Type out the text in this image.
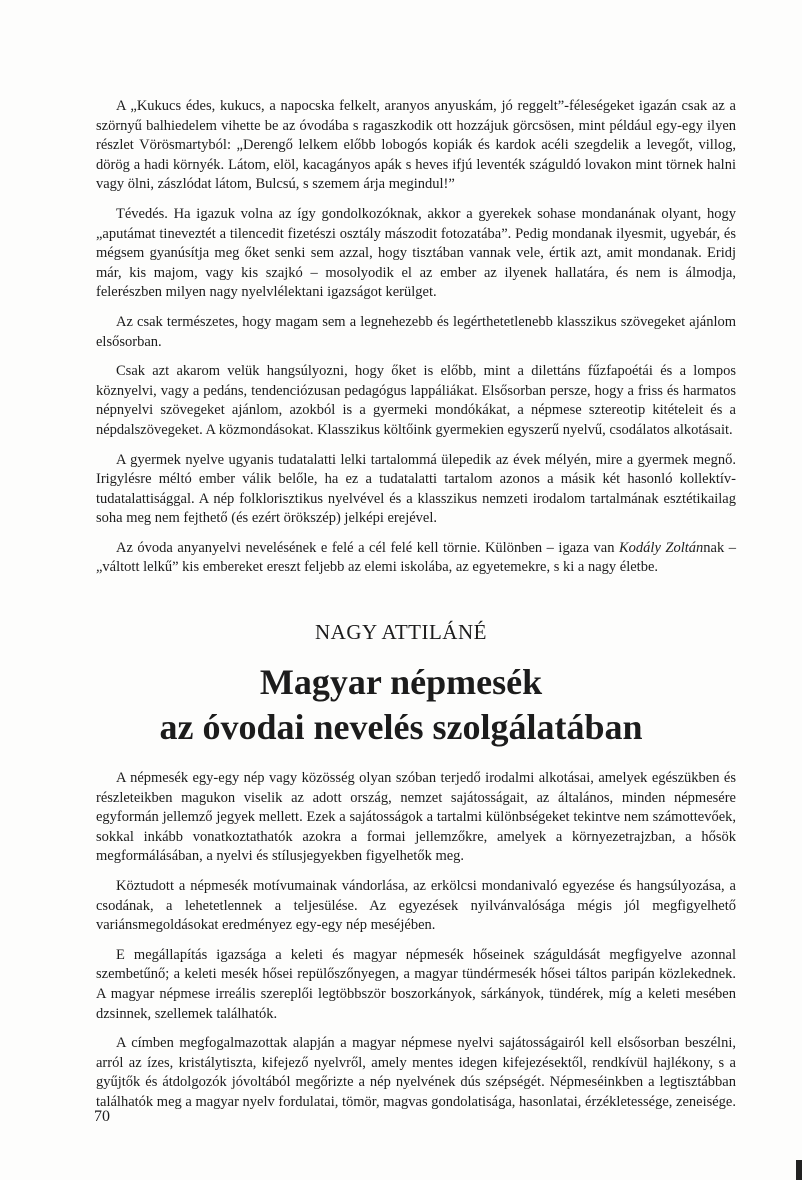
A „Kukucs édes, kukucs, a napocska felkelt, aranyos anyuskám, jó reggelt”-féleségeket igazán csak az a szörnyű balhiedelem vihette be az óvodába s ragaszkodik ott hozzájuk görcsösen, mint például egy-egy ilyen részlet Vörösmartyból: „Derengő lelkem előbb lobogós kopiák és kardok acéli szegdelik a levegőt, villog, dörög a hadi környék. Látom, elöl, kacagányos apák s heves ifjú leventék száguldó lovakon mint törnek halni vagy ölni, zászlódat látom, Bulcsú, s szemem árja megindul!”

Tévedés. Ha igazuk volna az így gondolkozóknak, akkor a gyerekek sohase mondanának olyant, hogy „aputámat tineveztét a tilencedit fizetészi osztály mászodit fotozatába”. Pedig mondanak ilyesmit, ugyebár, és mégsem gyanúsítja meg őket senki sem azzal, hogy tisztában vannak vele, értik azt, amit mondanak. Eridj már, kis majom, vagy kis szajkó – mosolyodik el az ember az ilyenek hallatára, és nem is álmodja, felerészben milyen nagy nyelvlélektani igazságot kerülget.

Az csak természetes, hogy magam sem a legnehezebb és legérthetetlenebb klasszikus szövegeket ajánlom elsősorban.

Csak azt akarom velük hangsúlyozni, hogy őket is előbb, mint a dilettáns fűzfapoétái és a lompos köznyelvi, vagy a pedáns, tendenciózusan pedagógus lappáliákat. Elsősorban persze, hogy a friss és harmatos népnyelvi szövegeket ajánlom, azokból is a gyermeki mondókákat, a népmese sztereotip kitételeit és a népdalszövegeket. A közmondásokat. Klasszikus költőink gyermekien egyszerű nyelvű, csodálatos alkotásait.

A gyermek nyelve ugyanis tudatalatti lelki tartalommá ülepedik az évek mélyén, mire a gyermek megnő. Irigylésre méltó ember válik belőle, ha ez a tudatalatti tartalom azonos a másik két hasonló kollektív-tudatalattisággal. A nép folklorisztikus nyelvével és a klasszikus nemzeti irodalom tartalmának esztétikailag soha meg nem fejthető (és ezért örökszép) jelképi erejével.

Az óvoda anyanyelvi nevelésének e felé a cél felé kell törnie. Különben – igaza van Kodály Zoltánnak – „váltott lelkű” kis embereket ereszt feljebb az elemi iskolába, az egyetemekre, s ki a nagy életbe.

NAGY ATTILÁNÉ
Magyar népmesék
az óvodai nevelés szolgálatában

A népmesék egy-egy nép vagy közösség olyan szóban terjedő irodalmi alkotásai, amelyek egészükben és részleteikben magukon viselik az adott ország, nemzet sajátosságait, az általános, minden népmesére egyformán jellemző jegyek mellett. Ezek a sajátosságok a tartalmi különbségeket tekintve nem számottevőek, sokkal inkább vonatkoztathatók azokra a formai jellemzőkre, amelyek a környezetrajzban, a hősök megformálásában, a nyelvi és stílusjegyekben figyelhetők meg.

Köztudott a népmesék motívumainak vándorlása, az erkölcsi mondanivaló egyezése és hangsúlyozása, a csodának, a lehetetlennek a teljesülése. Az egyezések nyilvánvalósága mégis jól megfigyelhető variánsmegoldásokat eredményez egy-egy nép meséjében.

E megállapítás igazsága a keleti és magyar népmesék hőseinek száguldását megfigyelve azonnal szembetűnő; a keleti mesék hősei repülőszőnyegen, a magyar tündérmesék hősei táltos paripán közlekednek. A magyar népmese irreális szereplői legtöbbször boszorkányok, sárkányok, tündérek, míg a keleti mesében dzsinnek, szellemek találhatók.

A címben megfogalmazottak alapján a magyar népmese nyelvi sajátosságairól kell elsősorban beszélni, arról az ízes, kristálytiszta, kifejező nyelvről, amely mentes idegen kifejezésektől, rendkívül hajlékony, s a gyűjtők és átdolgozók jóvoltából megőrizte a nép nyelvének dús szépségét. Népmeséinkben a legtisztábban találhatók meg a magyar nyelv fordulatai, tömör, magvas gondolatisága, hasonlatai, érzékletessége, zeneisége.

70
